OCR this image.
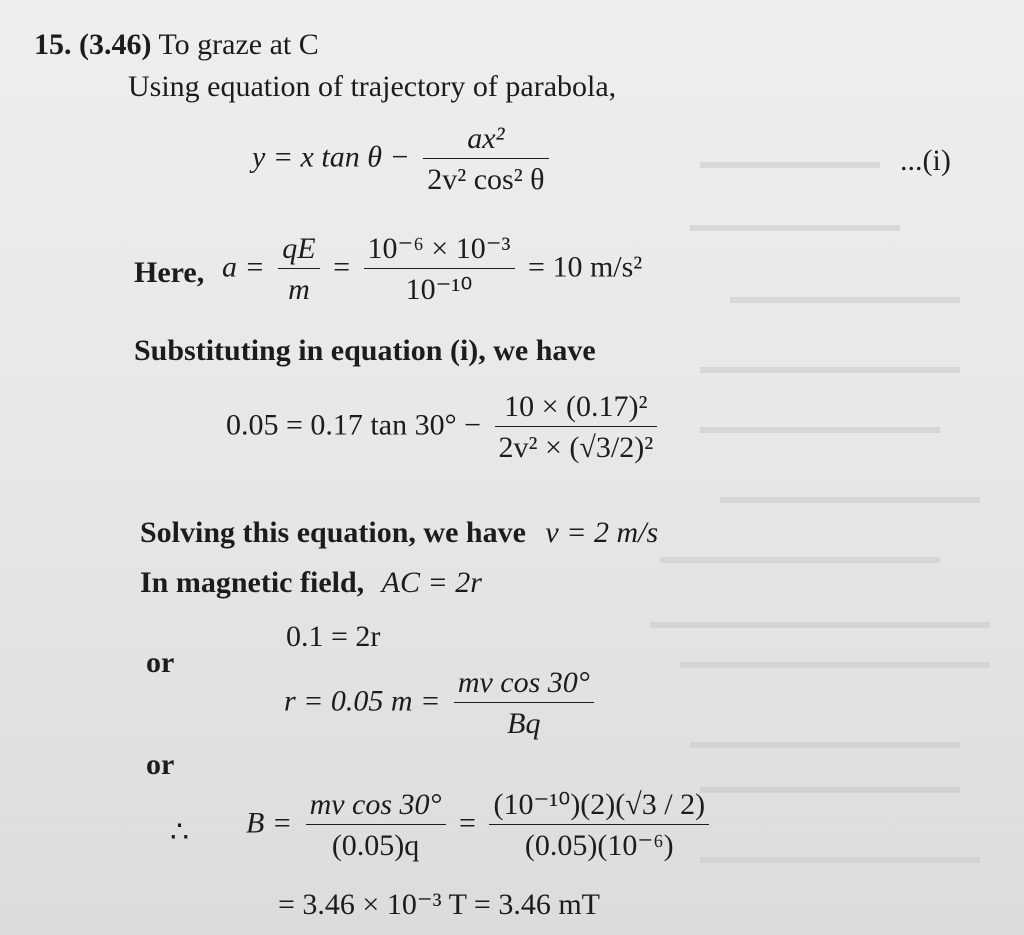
15. (3.46) To graze at C
Using equation of trajectory of parabola,
y = x $\tan \theta - \frac{\text{ax²}}{\text{2v² cos² θ}}$	...(i)
Here, $a = \frac{qE}{m} = \frac{\text{10⁻⁶ × 10⁻³}}{\text{10⁻¹⁰}} = 10$ m/s²
Substituting in equation (i), we have
0.05 = 0.17 $\tan 30^\circ - \frac{\text{10 × (0.17)²}}{\text{2v² × (√3/2)²}}$
Solving this equation, we have v = 2 m/s
In magnetic field, AC = 2r
0.1 = 2r
or
r = 0.05 $m = \frac{\text{mv cos 30°}}{Bq}$
or
∴ $B = \frac{\text{mv cos 30°}}{(0.05)q} = \frac{\text{(10⁻¹⁰)(2)(√3 / 2)}}{\text{(0.05)(10⁻⁶)}}$
= 3.46 × 10⁻³ T = 3.46 mT
